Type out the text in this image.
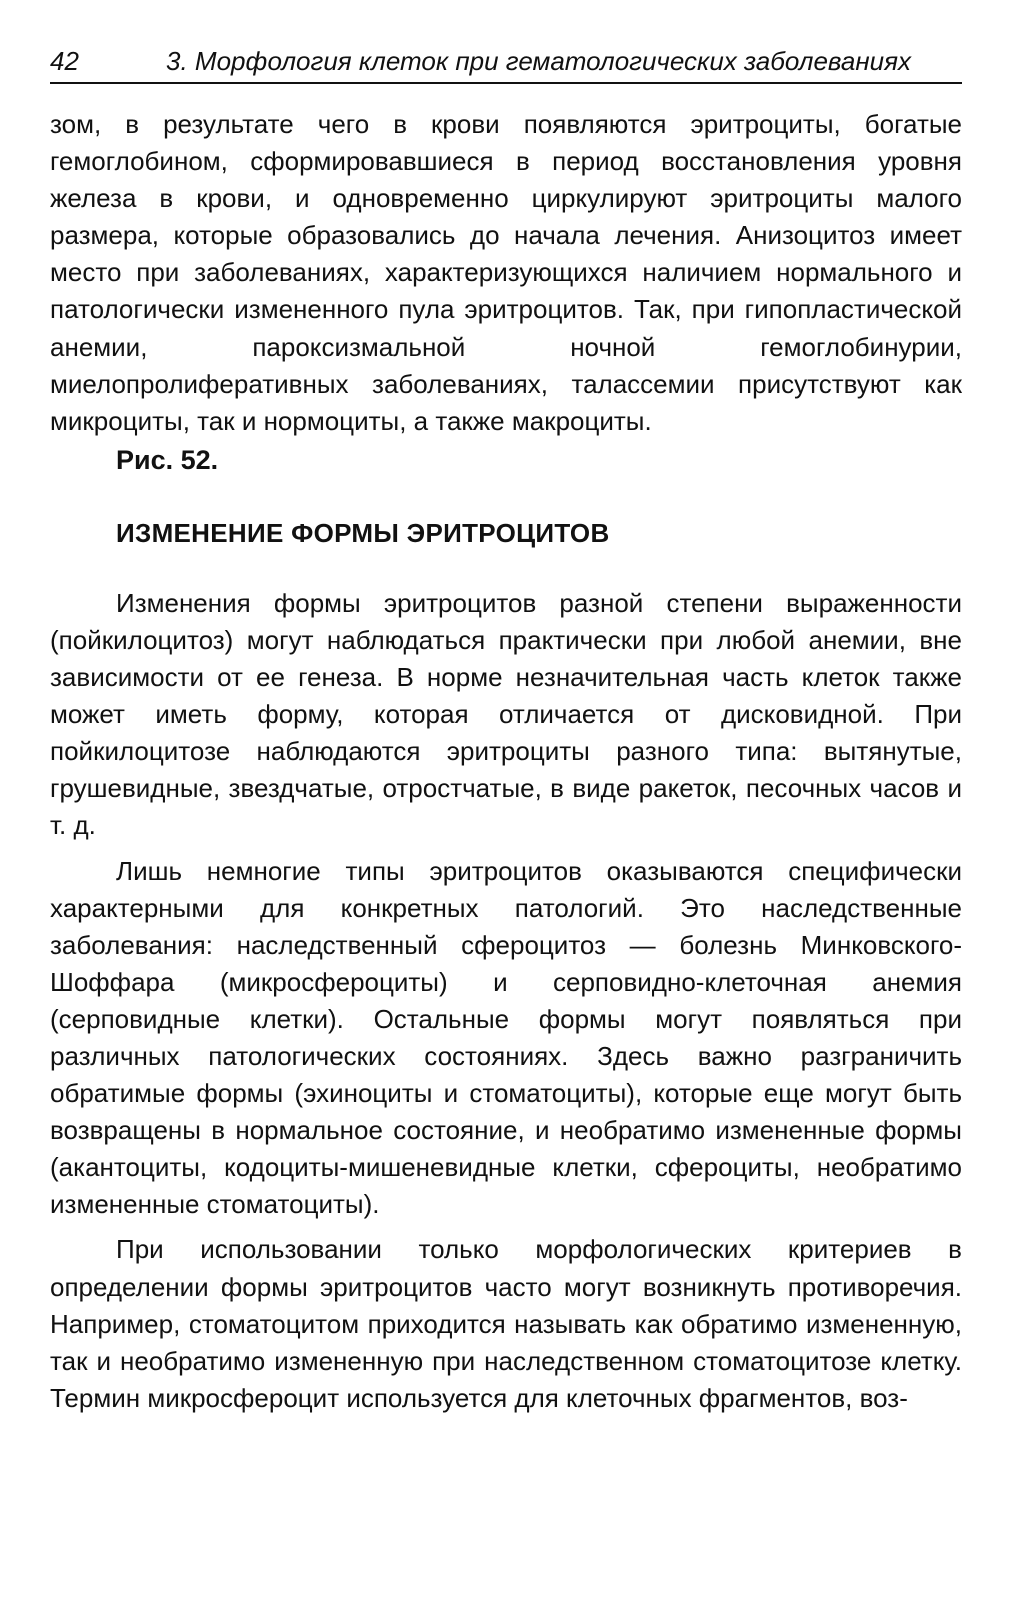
42	3. Морфология клеток при гематологических заболеваниях

зом, в результате чего в крови появляются эритроциты, богатые гемоглобином, сформировавшиеся в период восстановления уровня железа в крови, и одновременно циркулируют эритроциты малого размера, которые образовались до начала лечения. Анизоцитоз имеет место при заболеваниях, характеризующихся наличием нормального и патологически измененного пула эритроцитов. Так, при гипопластической анемии, пароксизмальной ночной гемоглобинурии, миелопролиферативных заболеваниях, талассемии присутствуют как микроциты, так и нормоциты, а также макроциты.

Рис. 52.

ИЗМЕНЕНИЕ ФОРМЫ ЭРИТРОЦИТОВ

Изменения формы эритроцитов разной степени выраженности (пойкилоцитоз) могут наблюдаться практически при любой анемии, вне зависимости от ее генеза. В норме незначительная часть клеток также может иметь форму, которая отличается от дисковидной. При пойкилоцитозе наблюдаются эритроциты разного типа: вытянутые, грушевидные, звездчатые, отростчатые, в виде ракеток, песочных часов и т. д.

Лишь немногие типы эритроцитов оказываются специфически характерными для конкретных патологий. Это наследственные заболевания: наследственный сфероцитоз — болезнь Минковского-Шоффара (микросфероциты) и серповидно-клеточная анемия (серповидные клетки). Остальные формы могут появляться при различных патологических состояниях. Здесь важно разграничить обратимые формы (эхиноциты и стоматоциты), которые еще могут быть возвращены в нормальное состояние, и необратимо измененные формы (акантоциты, кодоциты-мишеневидные клетки, сфероциты, необратимо измененные стоматоциты).

При использовании только морфологических критериев в определении формы эритроцитов часто могут возникнуть противоречия. Например, стоматоцитом приходится называть как обратимо измененную, так и необратимо измененную при наследственном стоматоцитозе клетку. Термин микросфероцит используется для клеточных фрагментов, воз-
